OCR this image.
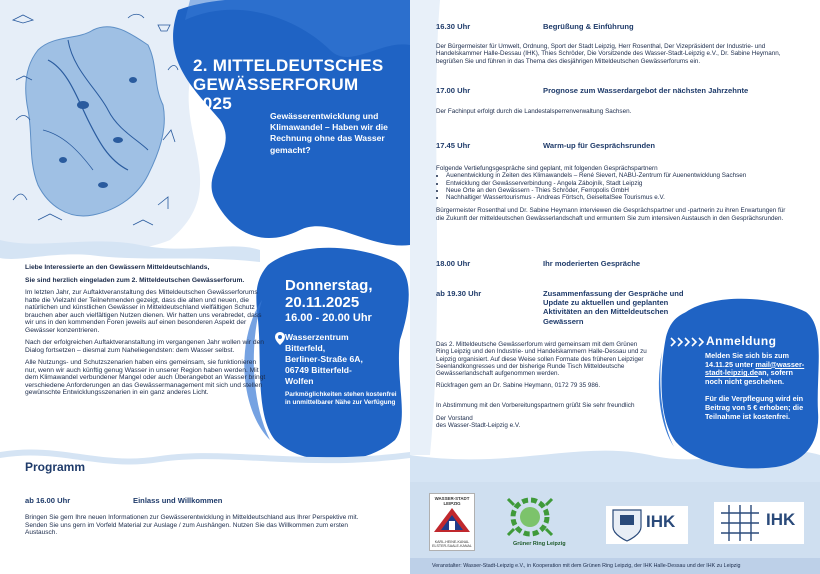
2. MITTELDEUTSCHES
GEWÄSSERFORUM
2025
Gewässerentwicklung und Klimawandel – Haben wir die Rechnung ohne das Wasser gemacht?
Donnerstag,
20.11.2025
16.00 - 20.00 Uhr
Wasserzentrum
Bitterfeld,
Berliner-Straße 6A,
06749 Bitterfeld-
Wolfen
Parkmöglichkeiten stehen kostenfrei in unmittelbarer Nähe zur Verfügung

Liebe Interessierte an den Gewässern Mitteldeutschlands,

Sie sind herzlich eingeladen zum 2. Mitteldeutschen Gewässerforum.

Im letzten Jahr, zur Auftaktveranstaltung des Mitteldeutschen Gewässerforums hatte die Vielzahl der Teilnehmenden gezeigt, dass die alten und neuen, die natürlichen und künstlichen Gewässer in Mitteldeutschland vielfältigen Schutz brauchen aber auch vielfältigen Nutzen dienen. Wir hatten uns verabredet, dass wir uns in den kommenden Foren jeweils auf einen besonderen Aspekt der Gewässer konzentrieren.

Nach der erfolgreichen Auftaktveranstaltung im vergangenen Jahr wollen wir den Dialog fortsetzen – diesmal zum Naheliegendsten: dem Wasser selbst.

Alle Nutzungs- und Schutzszenarien haben eins gemeinsam, sie funktionieren nur, wenn wir auch künftig genug Wasser in unserer Region haben werden. Mit dem Klimawandel verbundener Mangel oder auch Überangebot an Wasser bringt verschiedene Anforderungen an das Gewässermanagement mit sich und stellen gewünschte Entwicklungsszenarien in ein ganz anderes Licht.

Programm
ab 16.00 Uhr	Einlass und Willkommen
Bringen Sie gern Ihre neuen Informationen zur Gewässerentwicklung in Mitteldeutschland aus Ihrer Perspektive mit. Senden Sie uns gern im Vorfeld Material zur Auslage / zum Aushängen. Nutzen Sie das Willkommen zum ersten Austausch.
16.30 Uhr	Begrüßung & Einführung
Der Bürgermeister für Umwelt, Ordnung, Sport der Stadt Leipzig, Herr Rosenthal, Der Vizepräsident der Industrie- und Handelskammer Halle-Dessau (IHK), Thies Schröder, Die Vorsitzende des Wasser-Stadt-Leipzig e.V., Dr. Sabine Heymann, begrüßen Sie und führen in das Thema des diesjährigen Mitteldeutschen Gewässerforums ein.
17.00 Uhr	Prognose zum Wasserdargebot der nächsten Jahrzehnte
Der Fachinput erfolgt durch die Landestalsperrenverwaltung Sachsen.
17.45 Uhr	Warm-up für Gesprächsrunden

Folgende Vertiefungsgespräche sind geplant, mit folgenden Gesprächspartnern

• Auenentwicklung in Zeiten des Klimawandels – René Sievert, NABU-Zentrum für Auenentwicklung Sachsen
• Entwicklung der Gewässerverbindung - Angela Zábojník, Stadt Leipzig
• Neue Orte an den Gewässern - Thies Schröder, Ferropolis GmbH
• Nachhaltiger Wassertourismus - Andreas Förtsch, GeiseltalSee Tourismus e.V.

Bürgermeister Rosenthal und Dr. Sabine Heymann interviewen die Gesprächspartner und -partnerin zu ihren Erwartungen für die Zukunft der mitteldeutschen Gewässerlandschaft und ermuntern Sie zum intensiven Austausch in den Gesprächsrunden.

18.00 Uhr	Ihr moderierten Gespräche
ab 19.30 Uhr	Zusammenfassung der Gespräche und Update zu aktuellen und geplanten Aktivitäten an den Mitteldeutschen Gewässern

Das 2. Mitteldeutsche Gewässerforum wird gemeinsam mit dem Grünen Ring Leipzig und den Industrie- und Handelskammern Halle-Dessau und zu Leipzig organisiert. Auf diese Weise sollen Formate des früheren Leipziger Seenlandkongresses und der bisherige Runde Tisch Mitteldeutsche Gewässerlandschaft aufgenommen werden.

Rückfragen gern an Dr. Sabine Heymann, 0172 79 35 986.

In Abstimmung mit den Vorbereitungspartnern grüßt Sie sehr freundlich

Der Vorstand

des Wasser-Stadt-Leipzig e.V.

Anmeldung
Melden Sie sich bis zum 14.11.25 unter mail@wasser-stadt-leipzig.dean, sofern noch nicht geschehen.
Für die Verpflegung wird ein Beitrag von 5 € erhoben; die Teilnahme ist kostenfrei.
WASSER-STADT LEIPZIG
KARL-HEINE-KANAL ELSTER-SAALE-KANAL	Grüner Ring Leipzig
IHK	IHK
Veranstalter: Wasser-Stadt-Leipzig e.V., in Kooperation mit dem Grünen Ring Leipzig, der IHK Halle-Dessau und der IHK zu Leipzig
